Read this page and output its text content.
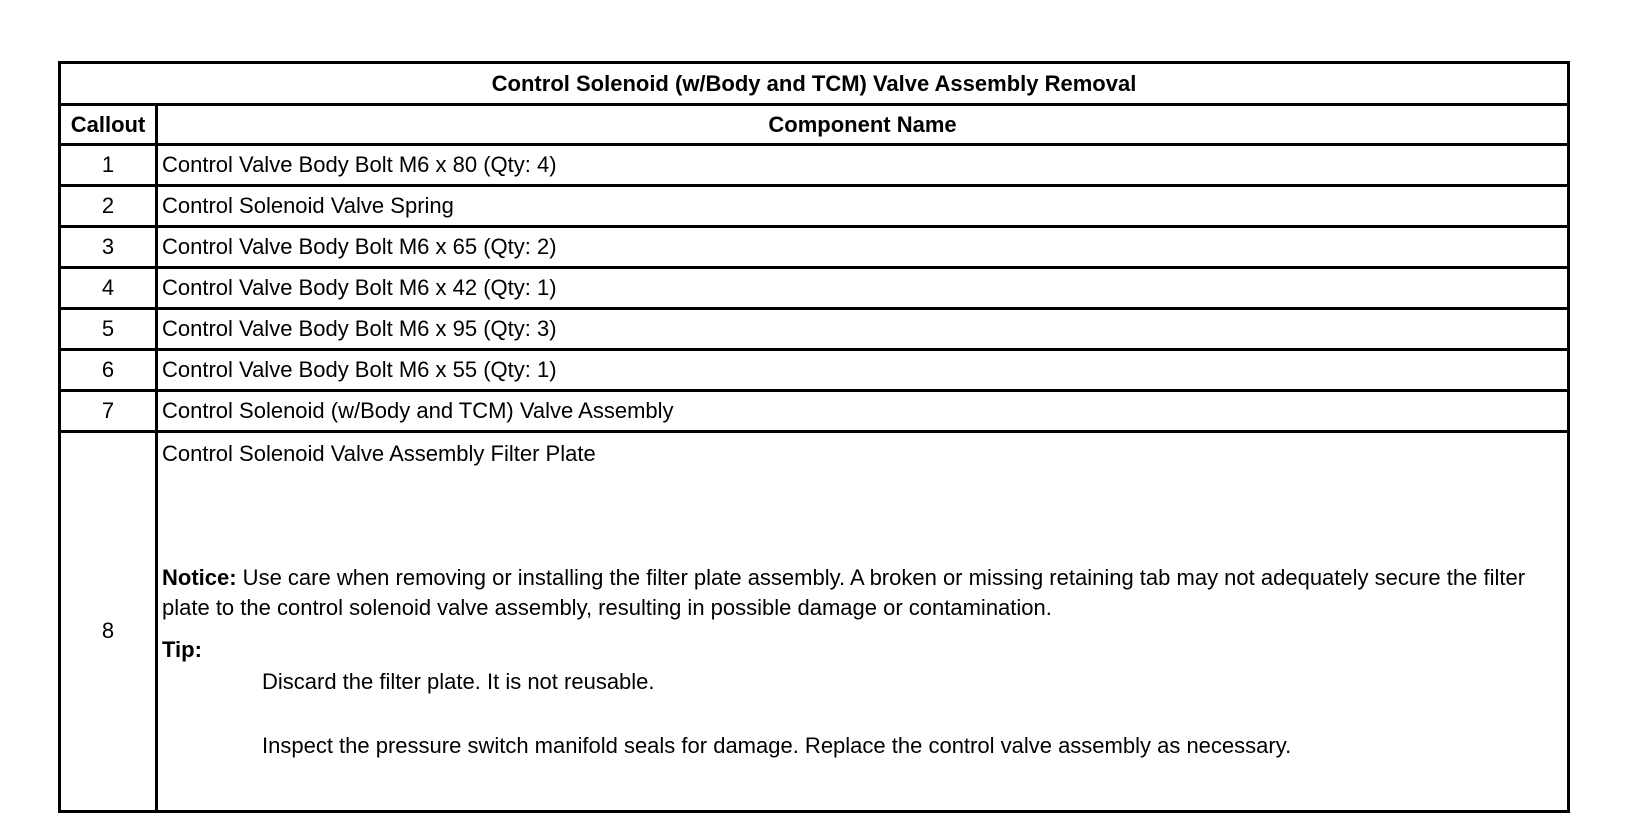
Control Solenoid (w/Body and TCM) Valve Assembly Removal	
Callout	Component Name
1	Control Valve Body Bolt M6 x 80 (Qty: 4)
2	Control Solenoid Valve Spring
3	Control Valve Body Bolt M6 x 65 (Qty: 2)
4	Control Valve Body Bolt M6 x 42 (Qty: 1)
5	Control Valve Body Bolt M6 x 95 (Qty: 3)
6	Control Valve Body Bolt M6 x 55 (Qty: 1)
7	Control Solenoid (w/Body and TCM) Valve Assembly
8	Control Solenoid Valve Assembly Filter Plate
Notice: Use care when removing or installing the filter plate assembly. A broken or missing retaining tab may not adequately secure the filter plate to the control solenoid valve assembly, resulting in possible damage or contamination.
Tip:
Discard the filter plate. It is not reusable.
Inspect the pressure switch manifold seals for damage. Replace the control valve assembly as necessary.
